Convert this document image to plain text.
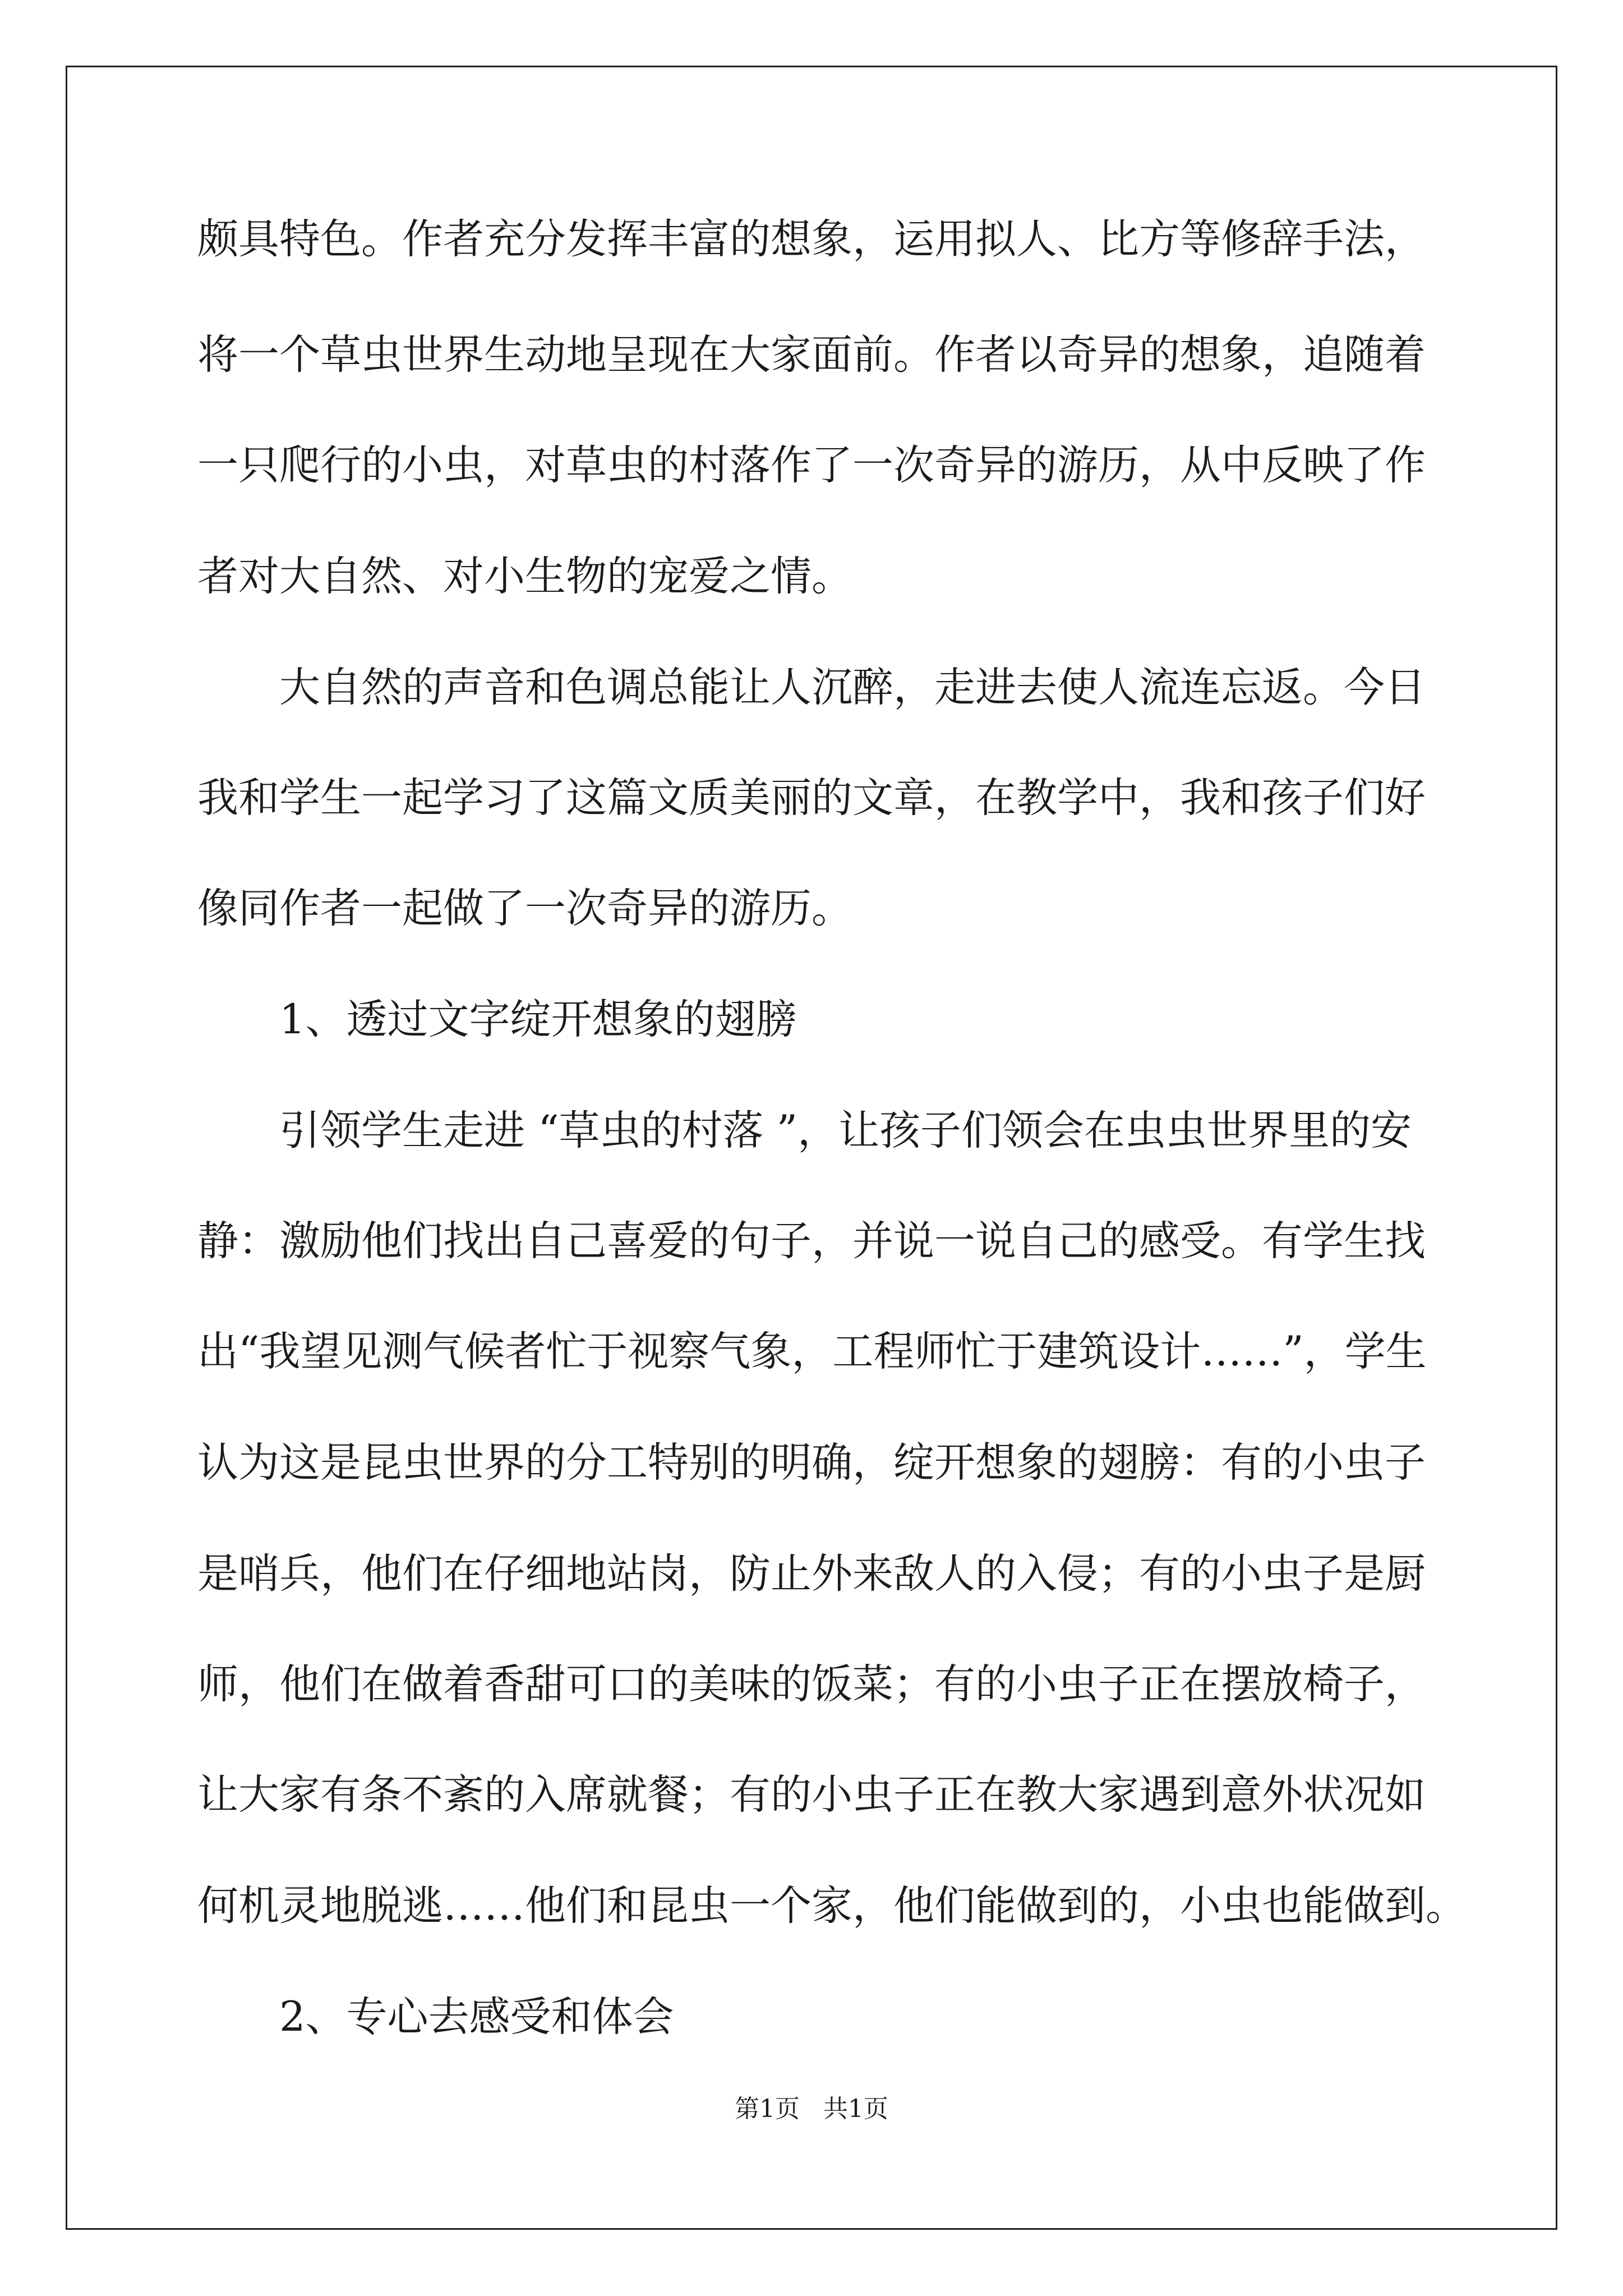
颇具特色。作者充分发挥丰富的想象，运用拟人、比方等修辞手法，

将一个草虫世界生动地呈现在大家面前。作者以奇异的想象，追随着

一只爬行的小虫，对草虫的村落作了一次奇异的游历，从中反映了作

者对大自然、对小生物的宠爱之情。

大自然的声音和色调总能让人沉醉，走进去使人流连忘返。今日

我和学生一起学习了这篇文质美丽的文章，在教学中，我和孩子们好

像同作者一起做了一次奇异的游历。

1、透过文字绽开想象的翅膀

引领学生走进 “草虫的村落 ”，让孩子们领会在虫虫世界里的安

静：激励他们找出自己喜爱的句子，并说一说自己的感受。有学生找

出“我望见测气候者忙于视察气象，工程师忙于建筑设计……”，学生

认为这是昆虫世界的分工特别的明确，绽开想象的翅膀：有的小虫子

是哨兵，他们在仔细地站岗，防止外来敌人的入侵；有的小虫子是厨

师，他们在做着香甜可口的美味的饭菜；有的小虫子正在摆放椅子，

让大家有条不紊的入席就餐；有的小虫子正在教大家遇到意外状况如

何机灵地脱逃……他们和昆虫一个家，他们能做到的，小虫也能做到。

2、专心去感受和体会

第1页   共1页
